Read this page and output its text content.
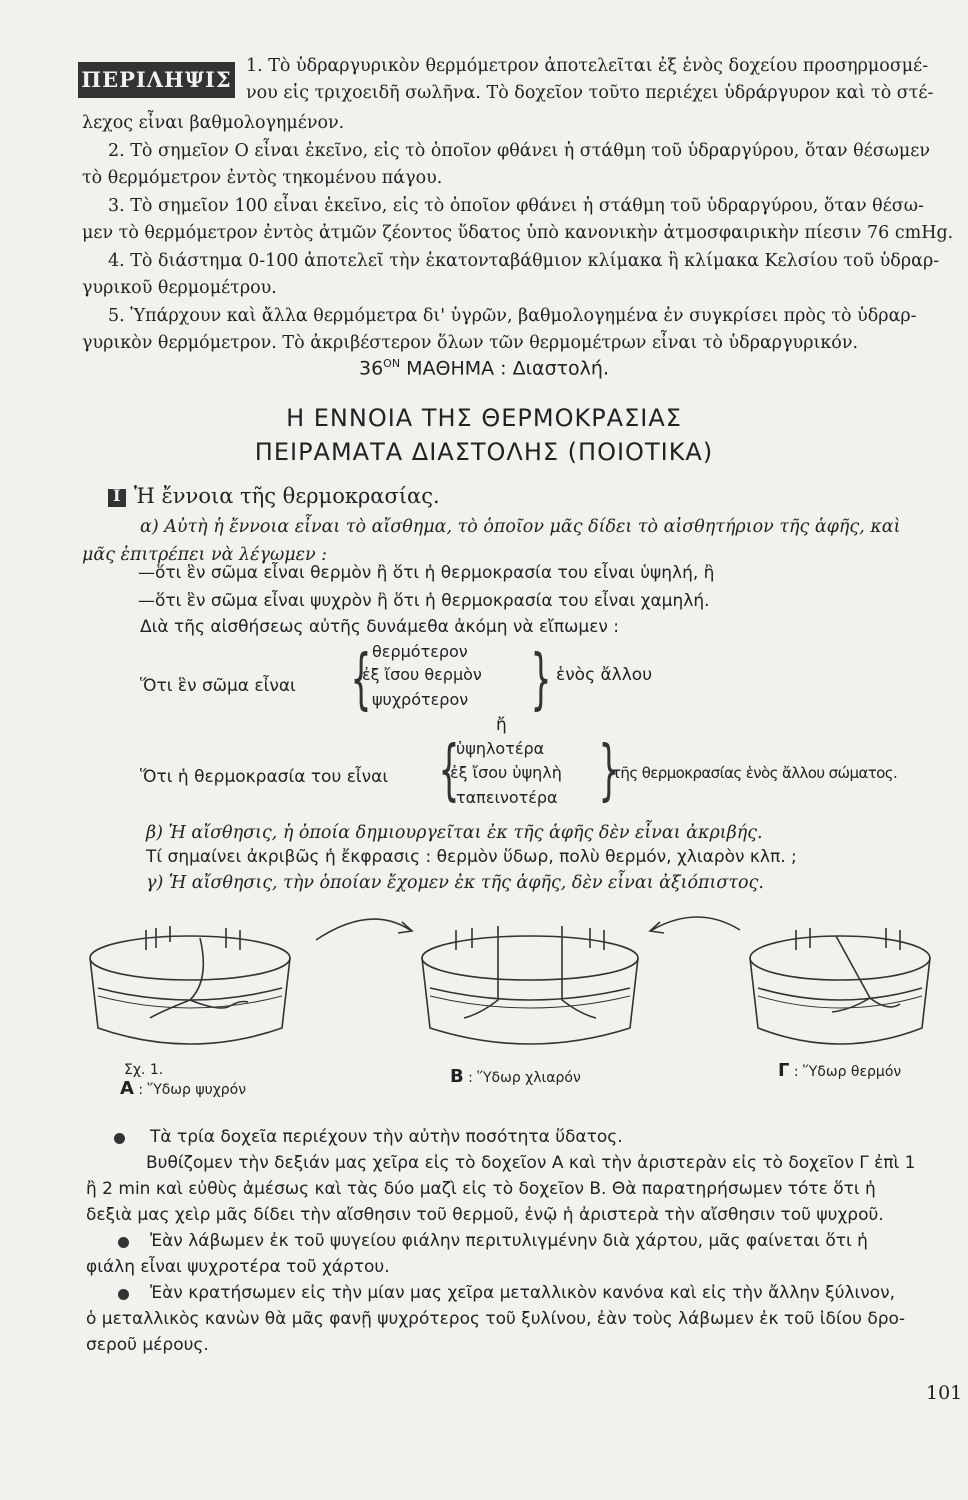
ΠΕΡΙΛΗΨΙΣ
1. Τὸ ὑδραργυρικὸν θερμόμετρον ἀποτελεῖται ἐξ ἑνὸς δοχείου προσηρμοσμέ-
νου εἰς τριχοειδῆ σωλῆνα. Τὸ δοχεῖον τοῦτο περιέχει ὑδράργυρον καὶ τὸ στέ-
λεχος εἶναι βαθμολογημένον.
2. Τὸ σημεῖον Ο εἶναι ἐκεῖνο, εἰς τὸ ὁποῖον φθάνει ἡ στάθμη τοῦ ὑδραργύρου, ὅταν θέσωμεν
τὸ θερμόμετρον ἐντὸς τηκομένου πάγου.
3. Τὸ σημεῖον 100 εἶναι ἐκεῖνο, εἰς τὸ ὁποῖον φθάνει ἡ στάθμη τοῦ ὑδραργύρου, ὅταν θέσω-
μεν τὸ θερμόμετρον ἐντὸς ἀτμῶν ζέοντος ὕδατος ὑπὸ κανονικὴν ἀτμοσφαιρικὴν πίεσιν 76 cmHg.
4. Τὸ διάστημα 0-100 ἀποτελεῖ τὴν ἑκατονταβάθμιον κλίμακα ἢ κλίμακα Κελσίου τοῦ ὑδραρ-
γυρικοῦ θερμομέτρου.
5. Ὑπάρχουν καὶ ἄλλα θερμόμετρα δι' ὑγρῶν, βαθμολογημένα ἐν συγκρίσει πρὸς τὸ ὑδραρ-
γυρικὸν θερμόμετρον. Τὸ ἀκριβέστερον ὅλων τῶν θερμομέτρων εἶναι τὸ ὑδραργυρικόν.
$36^{ON}$ ΜΑΘΗΜΑ : Διαστολή.
Η ΕΝΝΟΙΑ ΤΗΣ ΘΕΡΜΟΚΡΑΣΙΑΣ
ΠΕΙΡΑΜΑΤΑ ΔΙΑΣΤΟΛΗΣ (ΠΟΙΟΤΙΚΑ)
I Ἡ ἔννοια τῆς θερμοκρασίας.
α) Αὐτὴ ἡ ἔννοια εἶναι τὸ αἴσθημα, τὸ ὁποῖον μᾶς δίδει τὸ αἰσθητήριον τῆς ἁφῆς, καὶ
μᾶς ἐπιτρέπει νὰ λέγωμεν :
—ὅτι ἓν σῶμα εἶναι θερμὸν ἢ ὅτι ἡ θερμοκρασία του εἶναι ὑψηλή, ἢ
—ὅτι ἓν σῶμα εἶναι ψυχρὸν ἢ ὅτι ἡ θερμοκρασία του εἶναι χαμηλή.
Διὰ τῆς αἰσθήσεως αὐτῆς δυνάμεθα ἀκόμη νὰ εἴπωμεν :
Ὅτι ἓν σῶμα εἶναι { θερμότερον
ἐξ ἴσου θερμὸν
ψυχρότερον } ἑνὸς ἄλλου
ἤ
Ὅτι ἡ θερμοκρασία του εἶναι {
ὑψηλοτέρα
ἐξ ἴσου ὑψηλὴ
ταπεινοτέρα }
τῆς θερμοκρασίας ἑνὸς ἄλλου σώματος.
β) Ἡ αἴσθησις, ἡ ὁποία δημιουργεῖται ἐκ τῆς ἁφῆς δὲν εἶναι ἀκριβής.
Τί σημαίνει ἀκριβῶς ἡ ἔκφρασις : θερμὸν ὕδωρ, πολὺ θερμόν, χλιαρὸν κλπ. ;
γ) Ἡ αἴσθησις, τὴν ὁποίαν ἔχομεν ἐκ τῆς ἁφῆς, δὲν εἶναι ἀξιόπιστος.
Σχ. 1.
Α : Ὕδωρ ψυχρόν
Β : Ὕδωρ χλιαρόν	Γ : Ὕδωρ θερμόν
Τὰ τρία δοχεῖα περιέχουν τὴν αὐτὴν ποσότητα ὕδατος.
Βυθίζομεν τὴν δεξιάν μας χεῖρα εἰς τὸ δοχεῖον Α καὶ τὴν ἀριστερὰν εἰς τὸ δοχεῖον Γ ἐπὶ 1
ἢ 2 min καὶ εὐθὺς ἀμέσως καὶ τὰς δύο μαζὶ εἰς τὸ δοχεῖον Β. Θὰ παρατηρήσωμεν τότε ὅτι ἡ
δεξιὰ μας χεὶρ μᾶς δίδει τὴν αἴσθησιν τοῦ θερμοῦ, ἐνῷ ἡ ἀριστερὰ τὴν αἴσθησιν τοῦ ψυχροῦ.
Ἐὰν λάβωμεν ἐκ τοῦ ψυγείου φιάλην περιτυλιγμένην διὰ χάρτου, μᾶς φαίνεται ὅτι ἡ
φιάλη εἶναι ψυχροτέρα τοῦ χάρτου.
Ἐὰν κρατήσωμεν εἰς τὴν μίαν μας χεῖρα μεταλλικὸν κανόνα καὶ εἰς τὴν ἄλλην ξύλινον,
ὁ μεταλλικὸς κανὼν θὰ μᾶς φανῇ ψυχρότερος τοῦ ξυλίνου, ἐὰν τοὺς λάβωμεν ἐκ τοῦ ἰδίου δρο-
σεροῦ μέρους.
101
